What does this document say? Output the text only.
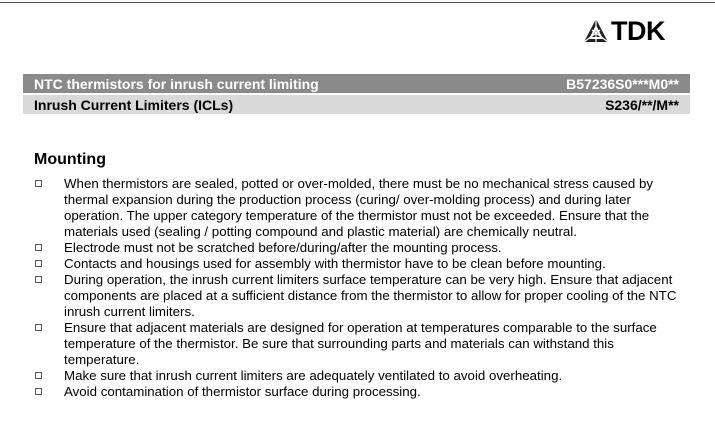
TDK
NTC thermistors for inrush current limiting	B57236S0***M0**
Inrush Current Limiters (ICLs)	S236/**/M**
Mounting
When thermistors are sealed, potted or over-molded, there must be no mechanical stress caused by thermal expansion during the production process (curing/ over-molding process) and during later operation. The upper category temperature of the thermistor must not be exceeded. Ensure that the materials used (sealing / potting compound and plastic material) are chemically neutral.
Electrode must not be scratched before/during/after the mounting process.
Contacts and housings used for assembly with thermistor have to be clean before mounting.
During operation, the inrush current limiters surface temperature can be very high. Ensure that adjacent components are placed at a sufficient distance from the thermistor to allow for proper cooling of the NTC inrush current limiters.
Ensure that adjacent materials are designed for operation at temperatures comparable to the surface temperature of the thermistor. Be sure that surrounding parts and materials can withstand this temperature.
Make sure that inrush current limiters are adequately ventilated to avoid overheating.
Avoid contamination of thermistor surface during processing.
